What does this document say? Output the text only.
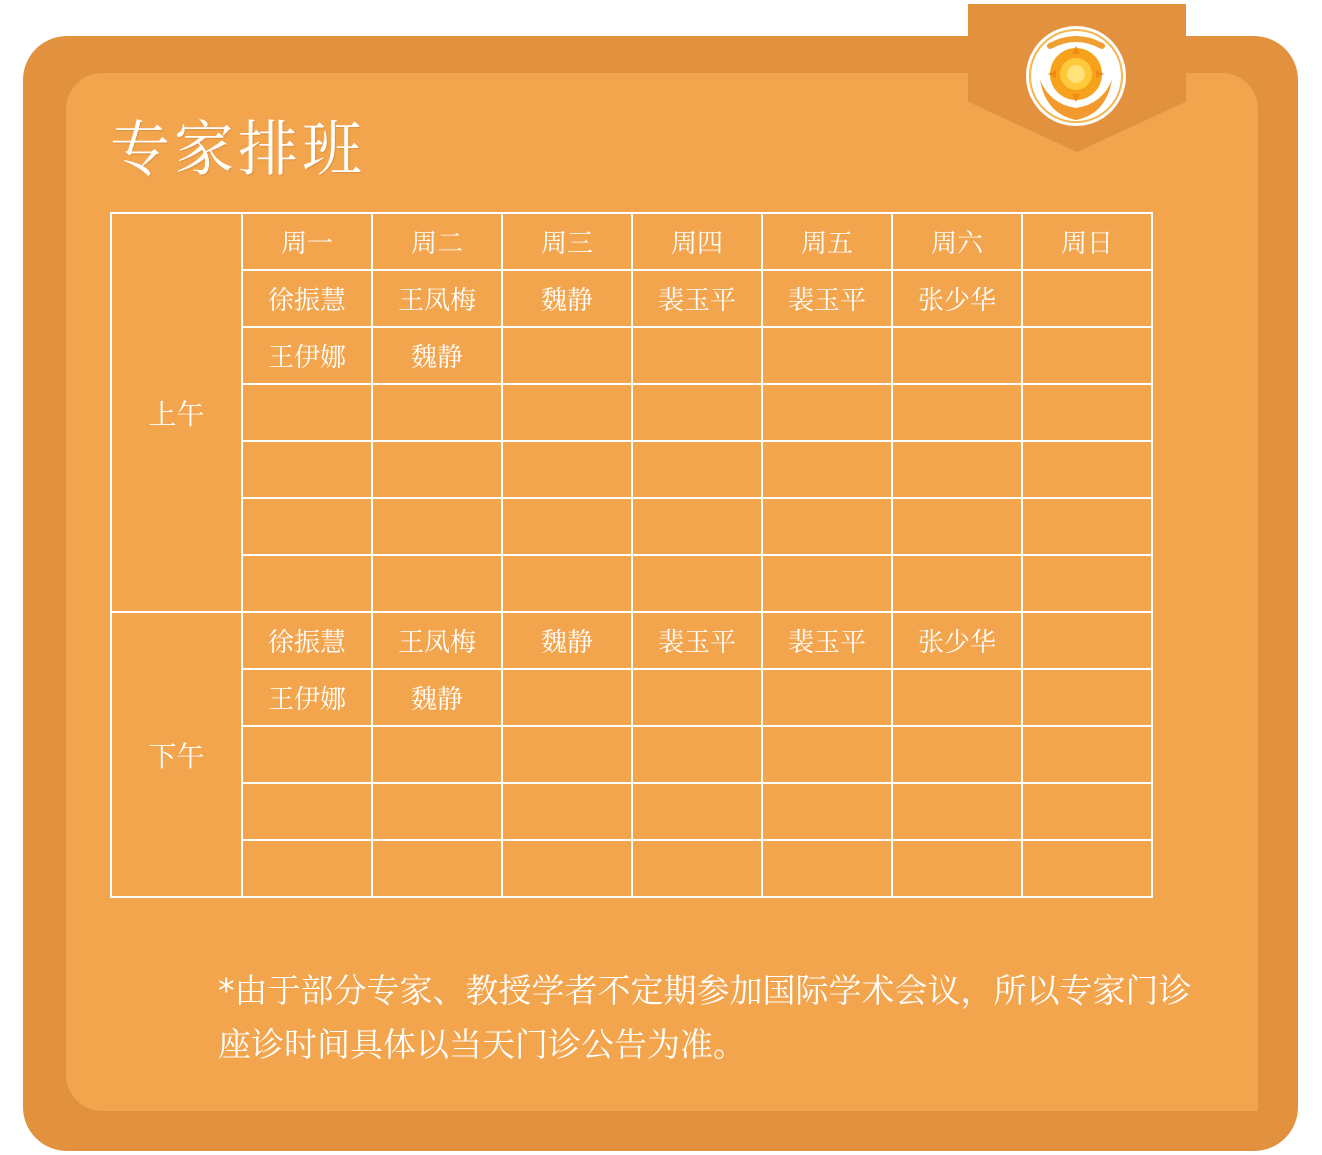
专家排班
上午	周一	周二	周三	周四	周五	周六	周日
	徐振慧	王凤梅	魏静	裴玉平	裴玉平	张少华	
	王伊娜	魏静					

下午	徐振慧	王凤梅	魏静	裴玉平	裴玉平	张少华	
	王伊娜	魏静					

*由于部分专家、教授学者不定期参加国际学术会议，所以专家门诊座诊时间具体以当天门诊公告为准。
